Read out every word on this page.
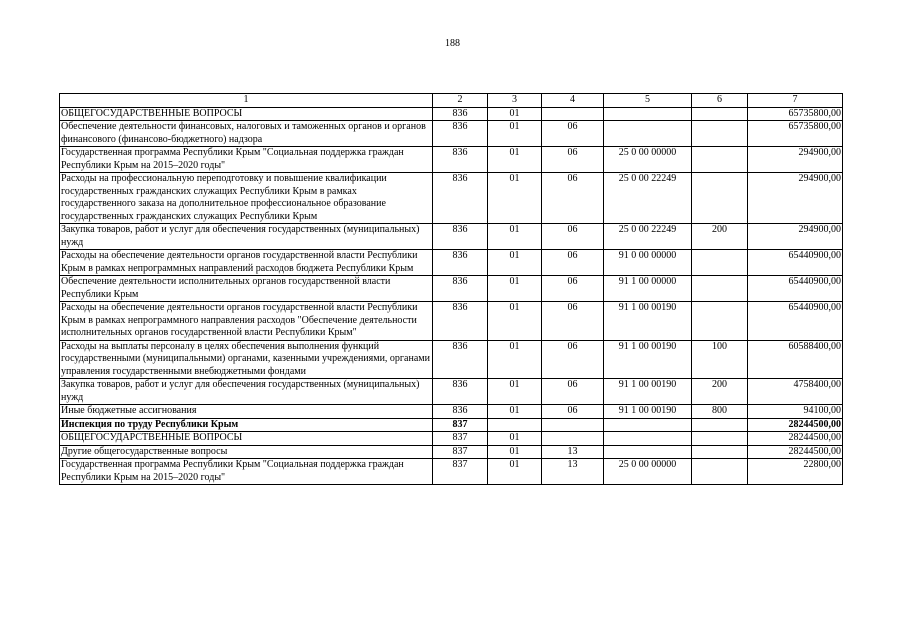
188
1	2	3	4	5	6	7
ОБЩЕГОСУДАРСТВЕННЫЕ ВОПРОСЫ	836	01				65735800,00
Обеспечение деятельности финансовых, налоговых и таможенных органов и органов финансового (финансово-бюджетного) надзора	836	01	06			65735800,00
Государственная программа Республики Крым "Социальная поддержка граждан Республики Крым на 2015–2020 годы"	836	01	06	25 0 00 00000		294900,00
Расходы на профессиональную переподготовку и повышение квалификации государственных гражданских служащих Республики Крым в рамках государственного заказа на дополнительное профессиональное образование государственных гражданских служащих Республики Крым	836	01	06	25 0 00 22249		294900,00
Закупка товаров, работ и услуг для обеспечения государственных (муниципальных) нужд	836	01	06	25 0 00 22249	200	294900,00
Расходы на обеспечение деятельности органов государственной власти Республики Крым в рамках непрограммных направлений расходов бюджета Республики Крым	836	01	06	91 0 00 00000		65440900,00
Обеспечение деятельности исполнительных органов государственной власти Республики Крым	836	01	06	91 1 00 00000		65440900,00
Расходы на обеспечение деятельности органов государственной власти Республики Крым в рамках непрограммного направления расходов "Обеспечение деятельности исполнительных органов государственной власти Республики Крым"	836	01	06	91 1 00 00190		65440900,00
Расходы на выплаты персоналу в целях обеспечения выполнения функций государственными (муниципальными) органами, казенными учреждениями, органами управления государственными внебюджетными фондами	836	01	06	91 1 00 00190	100	60588400,00
Закупка товаров, работ и услуг для обеспечения государственных (муниципальных) нужд	836	01	06	91 1 00 00190	200	4758400,00
Иные бюджетные ассигнования	836	01	06	91 1 00 00190	800	94100,00
Инспекция по труду Республики Крым	837					28244500,00
ОБЩЕГОСУДАРСТВЕННЫЕ ВОПРОСЫ	837	01				28244500,00
Другие общегосударственные вопросы	837	01	13			28244500,00
Государственная программа Республики Крым "Социальная поддержка граждан Республики Крым на 2015–2020 годы"	837	01	13	25 0 00 00000		22800,00
